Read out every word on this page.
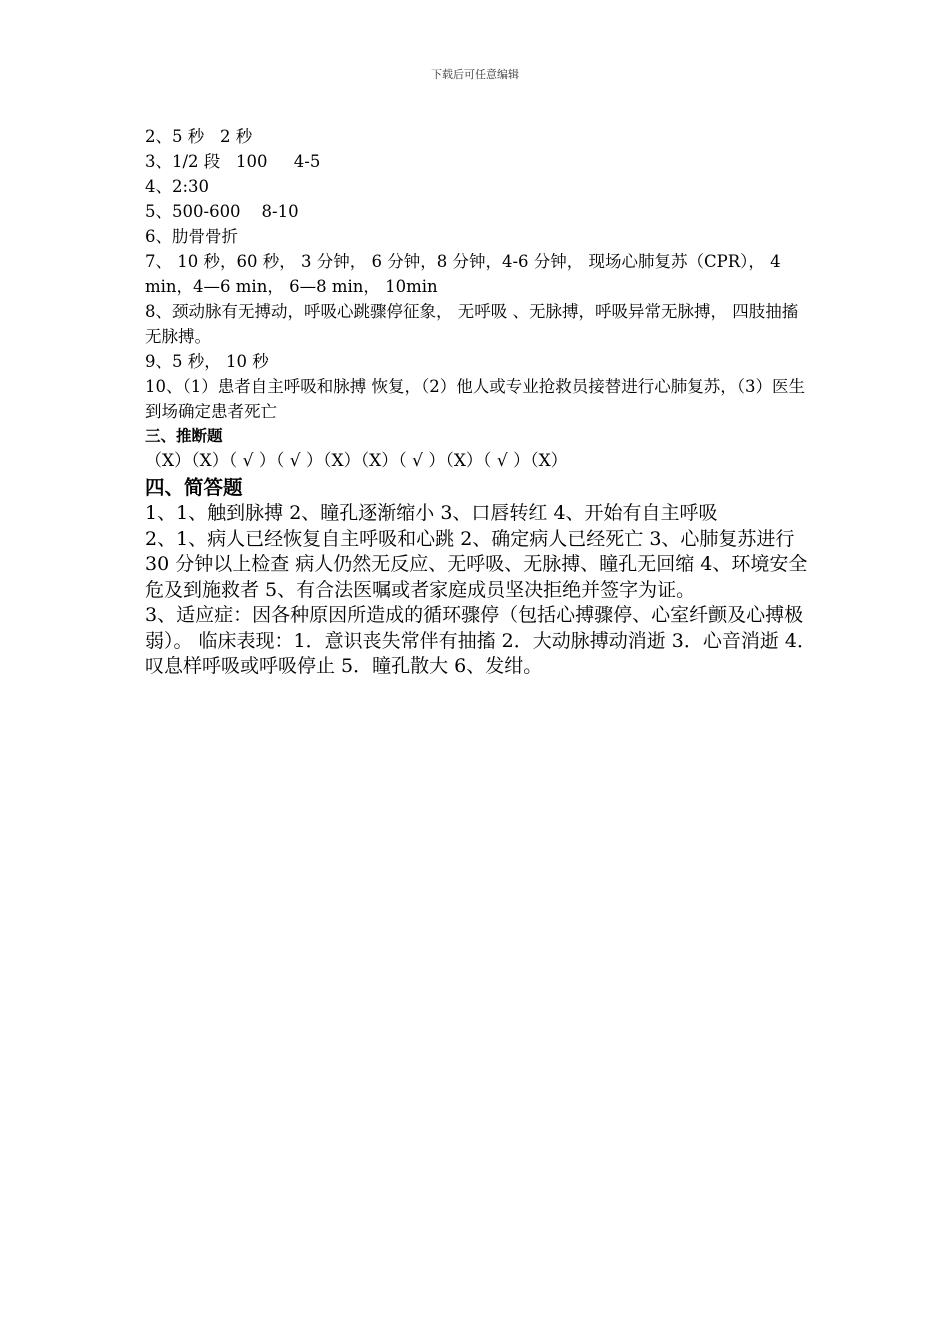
下载后可任意编辑
2、5 秒   2 秒
3、1/2 段   100     4-5
4、2:30
5、500-600    8-10
6、肋骨骨折
7、 10 秒，60 秒， 3 分钟， 6 分钟，8 分钟，4-6 分钟， 现场心肺复苏（CPR）， 4 min，4—6 min， 6—8 min， 10min
8、颈动脉有无搏动，呼吸心跳骤停征象， 无呼吸 、无脉搏，呼吸异常无脉搏， 四肢抽搐 无脉搏。
9、5 秒， 10 秒
10、（1）患者自主呼吸和脉搏 恢复，（2）他人或专业抢救员接替进行心肺复苏，（3）医生到场确定患者死亡
三、推断题
（X）（X）（ √ ）（ √ ）（X）（X）（ √ ）（X）（ √ ）（X）
四、简答题
1、1、触到脉搏 2、瞳孔逐渐缩小 3、口唇转红 4、开始有自主呼吸
2、1、病人已经恢复自主呼吸和心跳 2、确定病人已经死亡 3、心肺复苏进行 30 分钟以上检查 病人仍然无反应、无呼吸、无脉搏、瞳孔无回缩 4、环境安全危及到施救者 5、有合法医嘱或者家庭成员坚决拒绝并签字为证。
3、适应症：因各种原因所造成的循环骤停（包括心搏骤停、心室纤颤及心搏极弱）。 临床表现：1．意识丧失常伴有抽搐 2．大动脉搏动消逝 3．心音消逝 4．叹息样呼吸或呼吸停止 5．瞳孔散大 6、发绀。
